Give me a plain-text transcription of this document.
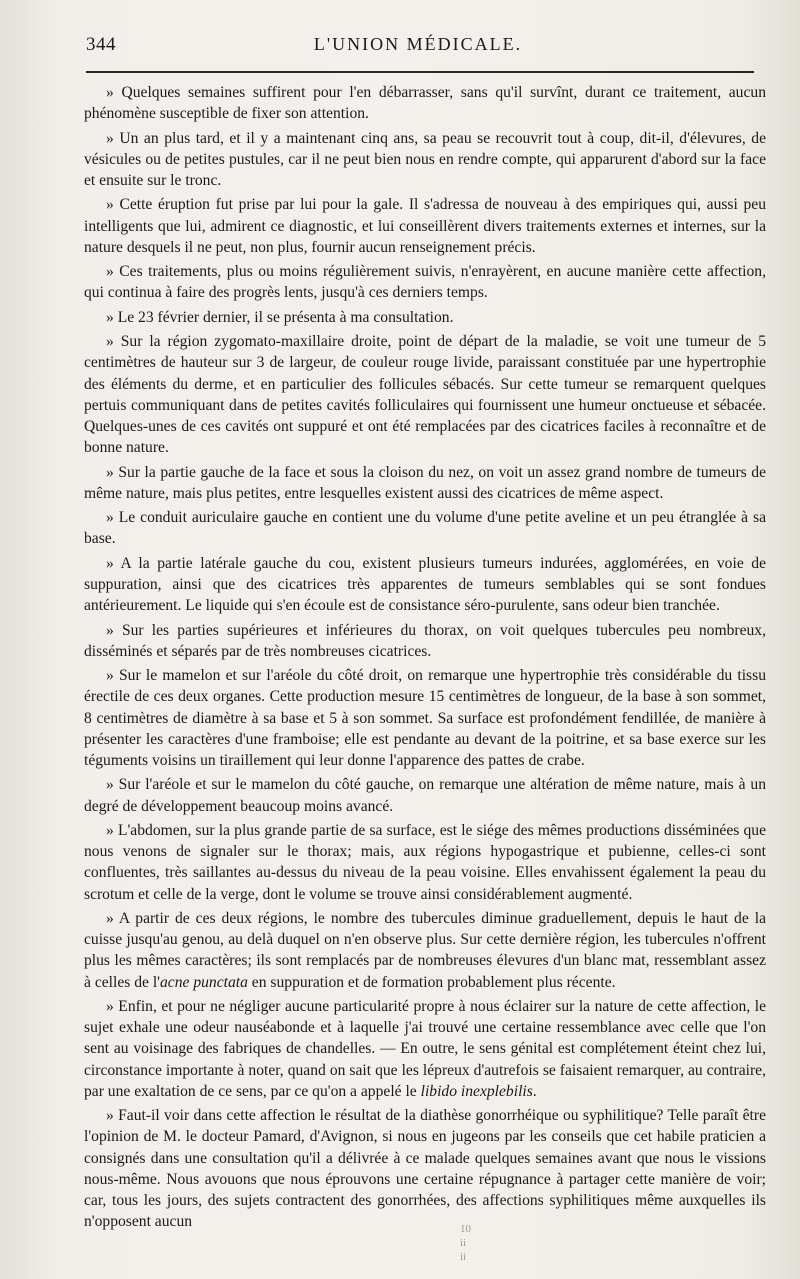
344	L'UNION MÉDICALE.

» Quelques semaines suffirent pour l'en débarrasser, sans qu'il survînt, durant ce traitement, aucun phénomène susceptible de fixer son attention.

» Un an plus tard, et il y a maintenant cinq ans, sa peau se recouvrit tout à coup, dit-il, d'élevures, de vésicules ou de petites pustules, car il ne peut bien nous en rendre compte, qui apparurent d'abord sur la face et ensuite sur le tronc.

» Cette éruption fut prise par lui pour la gale. Il s'adressa de nouveau à des empiriques qui, aussi peu intelligents que lui, admirent ce diagnostic, et lui conseillèrent divers traitements externes et internes, sur la nature desquels il ne peut, non plus, fournir aucun renseignement précis.

» Ces traitements, plus ou moins régulièrement suivis, n'enrayèrent, en aucune manière cette affection, qui continua à faire des progrès lents, jusqu'à ces derniers temps.

» Le 23 février dernier, il se présenta à ma consultation.

» Sur la région zygomato-maxillaire droite, point de départ de la maladie, se voit une tumeur de 5 centimètres de hauteur sur 3 de largeur, de couleur rouge livide, paraissant constituée par une hypertrophie des éléments du derme, et en particulier des follicules sébacés. Sur cette tumeur se remarquent quelques pertuis communiquant dans de petites cavités folliculaires qui fournissent une humeur onctueuse et sébacée. Quelques-unes de ces cavités ont suppuré et ont été remplacées par des cicatrices faciles à reconnaître et de bonne nature.

» Sur la partie gauche de la face et sous la cloison du nez, on voit un assez grand nombre de tumeurs de même nature, mais plus petites, entre lesquelles existent aussi des cicatrices de même aspect.

» Le conduit auriculaire gauche en contient une du volume d'une petite aveline et un peu étranglée à sa base.

» A la partie latérale gauche du cou, existent plusieurs tumeurs indurées, agglomérées, en voie de suppuration, ainsi que des cicatrices très apparentes de tumeurs semblables qui se sont fondues antérieurement. Le liquide qui s'en écoule est de consistance séro-purulente, sans odeur bien tranchée.

» Sur les parties supérieures et inférieures du thorax, on voit quelques tubercules peu nombreux, disséminés et séparés par de très nombreuses cicatrices.

» Sur le mamelon et sur l'aréole du côté droit, on remarque une hypertrophie très considérable du tissu érectile de ces deux organes. Cette production mesure 15 centimètres de longueur, de la base à son sommet, 8 centimètres de diamètre à sa base et 5 à son sommet. Sa surface est profondément fendillée, de manière à présenter les caractères d'une framboise; elle est pendante au devant de la poitrine, et sa base exerce sur les téguments voisins un tiraillement qui leur donne l'apparence des pattes de crabe.

» Sur l'aréole et sur le mamelon du côté gauche, on remarque une altération de même nature, mais à un degré de développement beaucoup moins avancé.

» L'abdomen, sur la plus grande partie de sa surface, est le siége des mêmes productions disséminées que nous venons de signaler sur le thorax; mais, aux régions hypogastrique et pubienne, celles-ci sont confluentes, très saillantes au-dessus du niveau de la peau voisine. Elles envahissent également la peau du scrotum et celle de la verge, dont le volume se trouve ainsi considérablement augmenté.

» A partir de ces deux régions, le nombre des tubercules diminue graduellement, depuis le haut de la cuisse jusqu'au genou, au delà duquel on n'en observe plus. Sur cette dernière région, les tubercules n'offrent plus les mêmes caractères; ils sont remplacés par de nombreuses élevures d'un blanc mat, ressemblant assez à celles de l'acne punctata en suppuration et de formation probablement plus récente.

» Enfin, et pour ne négliger aucune particularité propre à nous éclairer sur la nature de cette affection, le sujet exhale une odeur nauséabonde et à laquelle j'ai trouvé une certaine ressemblance avec celle que l'on sent au voisinage des fabriques de chandelles. — En outre, le sens génital est complétement éteint chez lui, circonstance importante à noter, quand on sait que les lépreux d'autrefois se faisaient remarquer, au contraire, par une exaltation de ce sens, par ce qu'on a appelé le libido inexplebilis.

» Faut-il voir dans cette affection le résultat de la diathèse gonorrhéique ou syphilitique? Telle paraît être l'opinion de M. le docteur Pamard, d'Avignon, si nous en jugeons par les conseils que cet habile praticien a consignés dans une consultation qu'il a délivrée à ce malade quelques semaines avant que nous le vissions nous-même. Nous avouons que nous éprouvons une certaine répugnance à partager cette manière de voir; car, tous les jours, des sujets contractent des gonorrhées, des affections syphilitiques même auxquelles ils n'opposent aucun	10
ii
ii
